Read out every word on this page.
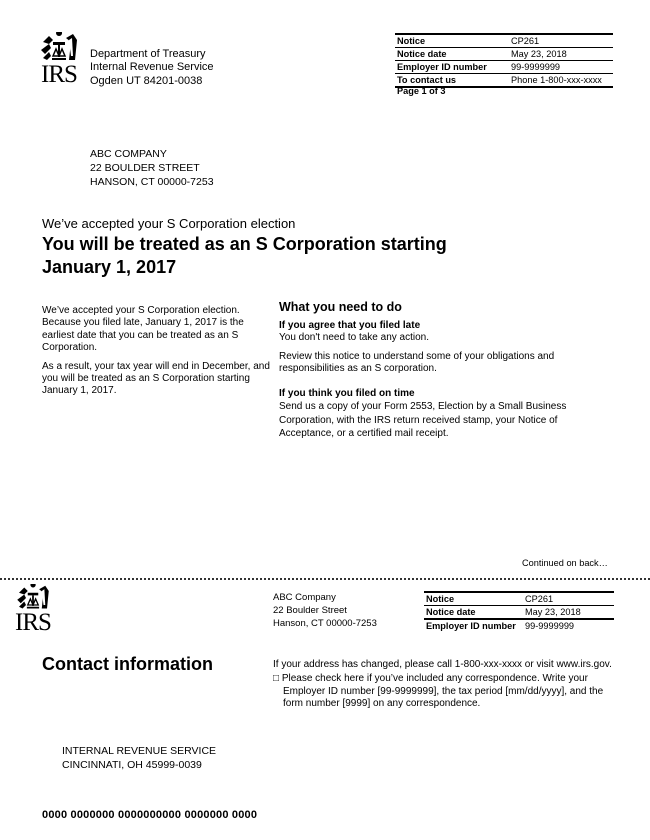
IRS
Department of Treasury
Internal Revenue Service
Ogden UT 84201-0038
Notice	CP261
Notice date	May 23, 2018
Employer ID number	99-9999999
To contact us	Phone 1-800-xxx-xxxx
Page 1 of 3
ABC COMPANY
22 BOULDER STREET
HANSON, CT 00000-7253
We’ve accepted your S Corporation election
You will be treated as an S Corporation starting
January 1, 2017

We’ve accepted your S Corporation election. Because you filed late, January 1, 2017 is the earliest date that you can be treated as an S Corporation.

As a result, your tax year will end in December, and you will be treated as an S Corporation starting January 1, 2017.

What you need to do
If you agree that you filed late

You don't need to take any action.

Review this notice to understand some of your obligations and responsibilities as an S corporation.

If you think you filed on time

Send us a copy of your Form 2553, Election by a Small Business Corporation, with the IRS return received stamp, your Notice of Acceptance, or a certified mail receipt.

Continued on back…
IRS
ABC Company
22 Boulder Street
Hanson, CT 00000-7253
Notice	CP261
Notice date	May 23, 2018
Employer ID number	99-9999999
Contact information	If your address has changed, please call 1-800-xxx-xxxx or visit www.irs.gov.
□ Please check here if you’ve included any correspondence. Write your Employer ID number [99-9999999], the tax period [mm/dd/yyyy], and the form number [9999] on any correspondence.
INTERNAL REVENUE SERVICE
CINCINNATI, OH 45999-0039
0000 0000000 0000000000 0000000 0000
